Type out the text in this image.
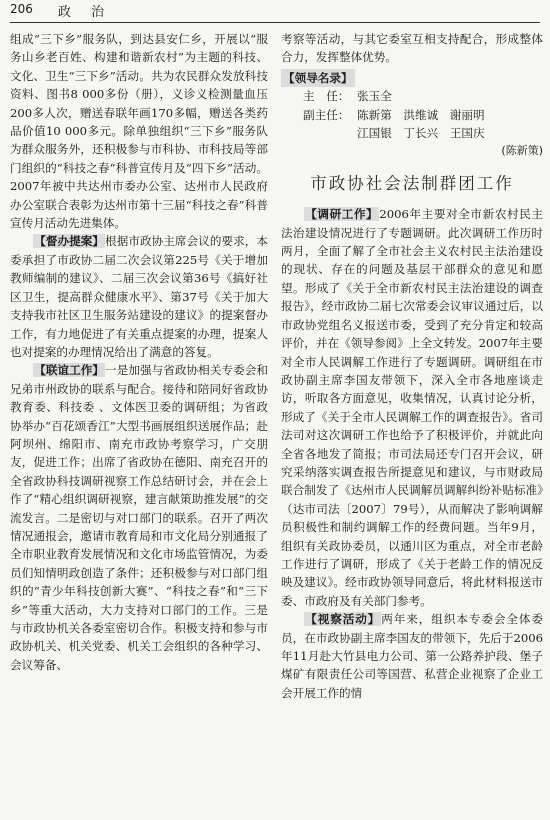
206 政 治

组成“三下乡”服务队，到达县安仁乡，开展以“服务山乡老百姓、构建和谐新农村”为主题的科技、文化、卫生“三下乡”活动。共为农民群众发放科技资料、图书8 000多份（册），义诊义检测量血压200多人次，赠送春联年画170多幅，赠送各类药品价值10 000多元。除单独组织“三下乡”服务队为群众服务外，还积极参与市科协、市科技局等部门组织的“科技之春”科普宣传月及“四下乡”活动。2007年被中共达州市委办公室、达州市人民政府办公室联合表彰为达州市第十三届“科技之春”科普宣传月活动先进集体。

【督办提案】根据市政协主席会议的要求，本委承担了市政协二届二次会议第225号《关于增加教师编制的建议》、二届三次会议第36号《搞好社区卫生，提高群众健康水平》、第37号《关于加大支持我市社区卫生服务站建设的建议》的提案督办工作，有力地促进了有关重点提案的办理，提案人也对提案的办理情况给出了满意的答复。

【联谊工作】一是加强与省政协相关专委会和兄弟市州政协的联系与配合。接待和陪同好省政协教育委、科技委 、文体医卫委的调研组；为省政协举办“百花颂香江”大型书画展组织送展作品；赴阿坝州、绵阳市、南充市政协考察学习，广交朋友，促进工作；出席了省政协在德阳、南充召开的全省政协科技调研视察工作总结研讨会，并在会上作了“精心组织调研视察，建言献策助推发展”的交流发言。二是密切与对口部门的联系。召开了两次情况通报会，邀请市教育局和市文化局分别通报了全市职业教育发展情况和文化市场监管情况，为委员们知情明政创造了条件；还积极参与对口部门组织的“青少年科技创新大赛”、“科技之春”和“三下乡”等重大活动，大力支持对口部门的工作。三是与市政协机关各委室密切合作。积极支持和参与市政协机关、机关党委、机关工会组织的各种学习、会议筹备、

考察等活动，与其它委室互相支持配合，形成整体合力，发挥整体优势。

【领导名录】
主　任： 张玉全
副主任： 陈新第　洪维诚　谢丽明
江国银　丁长兴　王国庆
(陈新策)
市政协社会法制群团工作

【调研工作】2006年主要对全市新农村民主法治建设情况进行了专题调研。此次调研工作历时两月，全面了解了全市社会主义农村民主法治建设的现状、存在的问题及基层干部群众的意见和愿望。形成了《关于全市新农村民主法治建设的调查报告》，经市政协二届七次常委会议审议通过后，以市政协党组名义报送市委，受到了充分肯定和较高评价，并在《领导参阅》上全文转发。2007年主要对全市人民调解工作进行了专题调研。调研组在市政协副主席李国友带领下，深入全市各地座谈走访，听取各方面意见，收集情况，认真讨论分析，形成了《关于全市人民调解工作的调查报告》。省司法司对这次调研工作也给予了积极评价，并就此向全省各地发了简报；市司法局还专门召开会议，研究采纳落实调查报告所提意见和建议，与市财政局联合制发了《达州市人民调解员调解纠纷补贴标准》（达市司法〔2007〕79号），从而解决了影响调解员积极性和制约调解工作的经费问题。当年9月，组织有关政协委员，以通川区为重点，对全市老龄工作进行了调研，形成了《关于老龄工作的情况反映及建议》。经市政协领导同意后，将此材料报送市委、市政府及有关部门参考。

【视察活动】两年来，组织本专委会全体委员，在市政协副主席李国友的带领下，先后于2006年11月赴大竹县电力公司、第一公路养护段、堡子煤矿有限责任公司等国营、私营企业视察了企业工会开展工作的情
